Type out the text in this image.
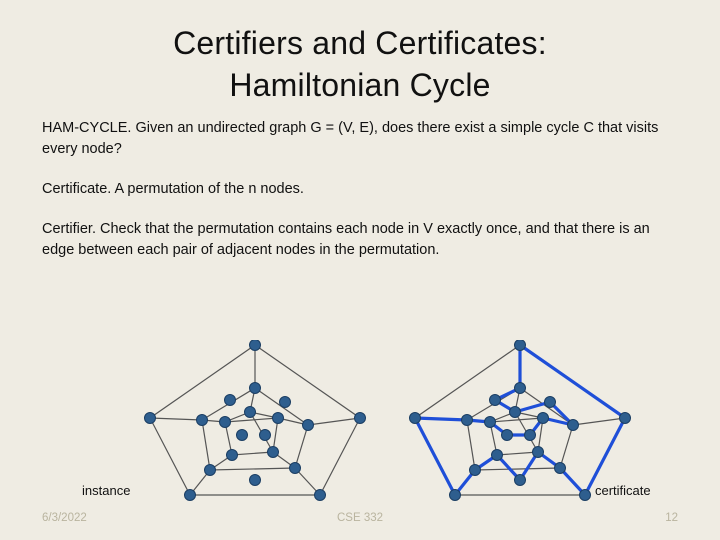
Certifiers and Certificates:
Hamiltonian Cycle

HAM-CYCLE. Given an undirected graph G = (V, E), does there exist a simple cycle C that visits every node?

Certificate. A permutation of the n nodes.

Certifier. Check that the permutation contains each node in V exactly once, and that there is an edge between each pair of adjacent nodes in the permutation.

instance	certificate
6/3/2022	CSE 332	12
